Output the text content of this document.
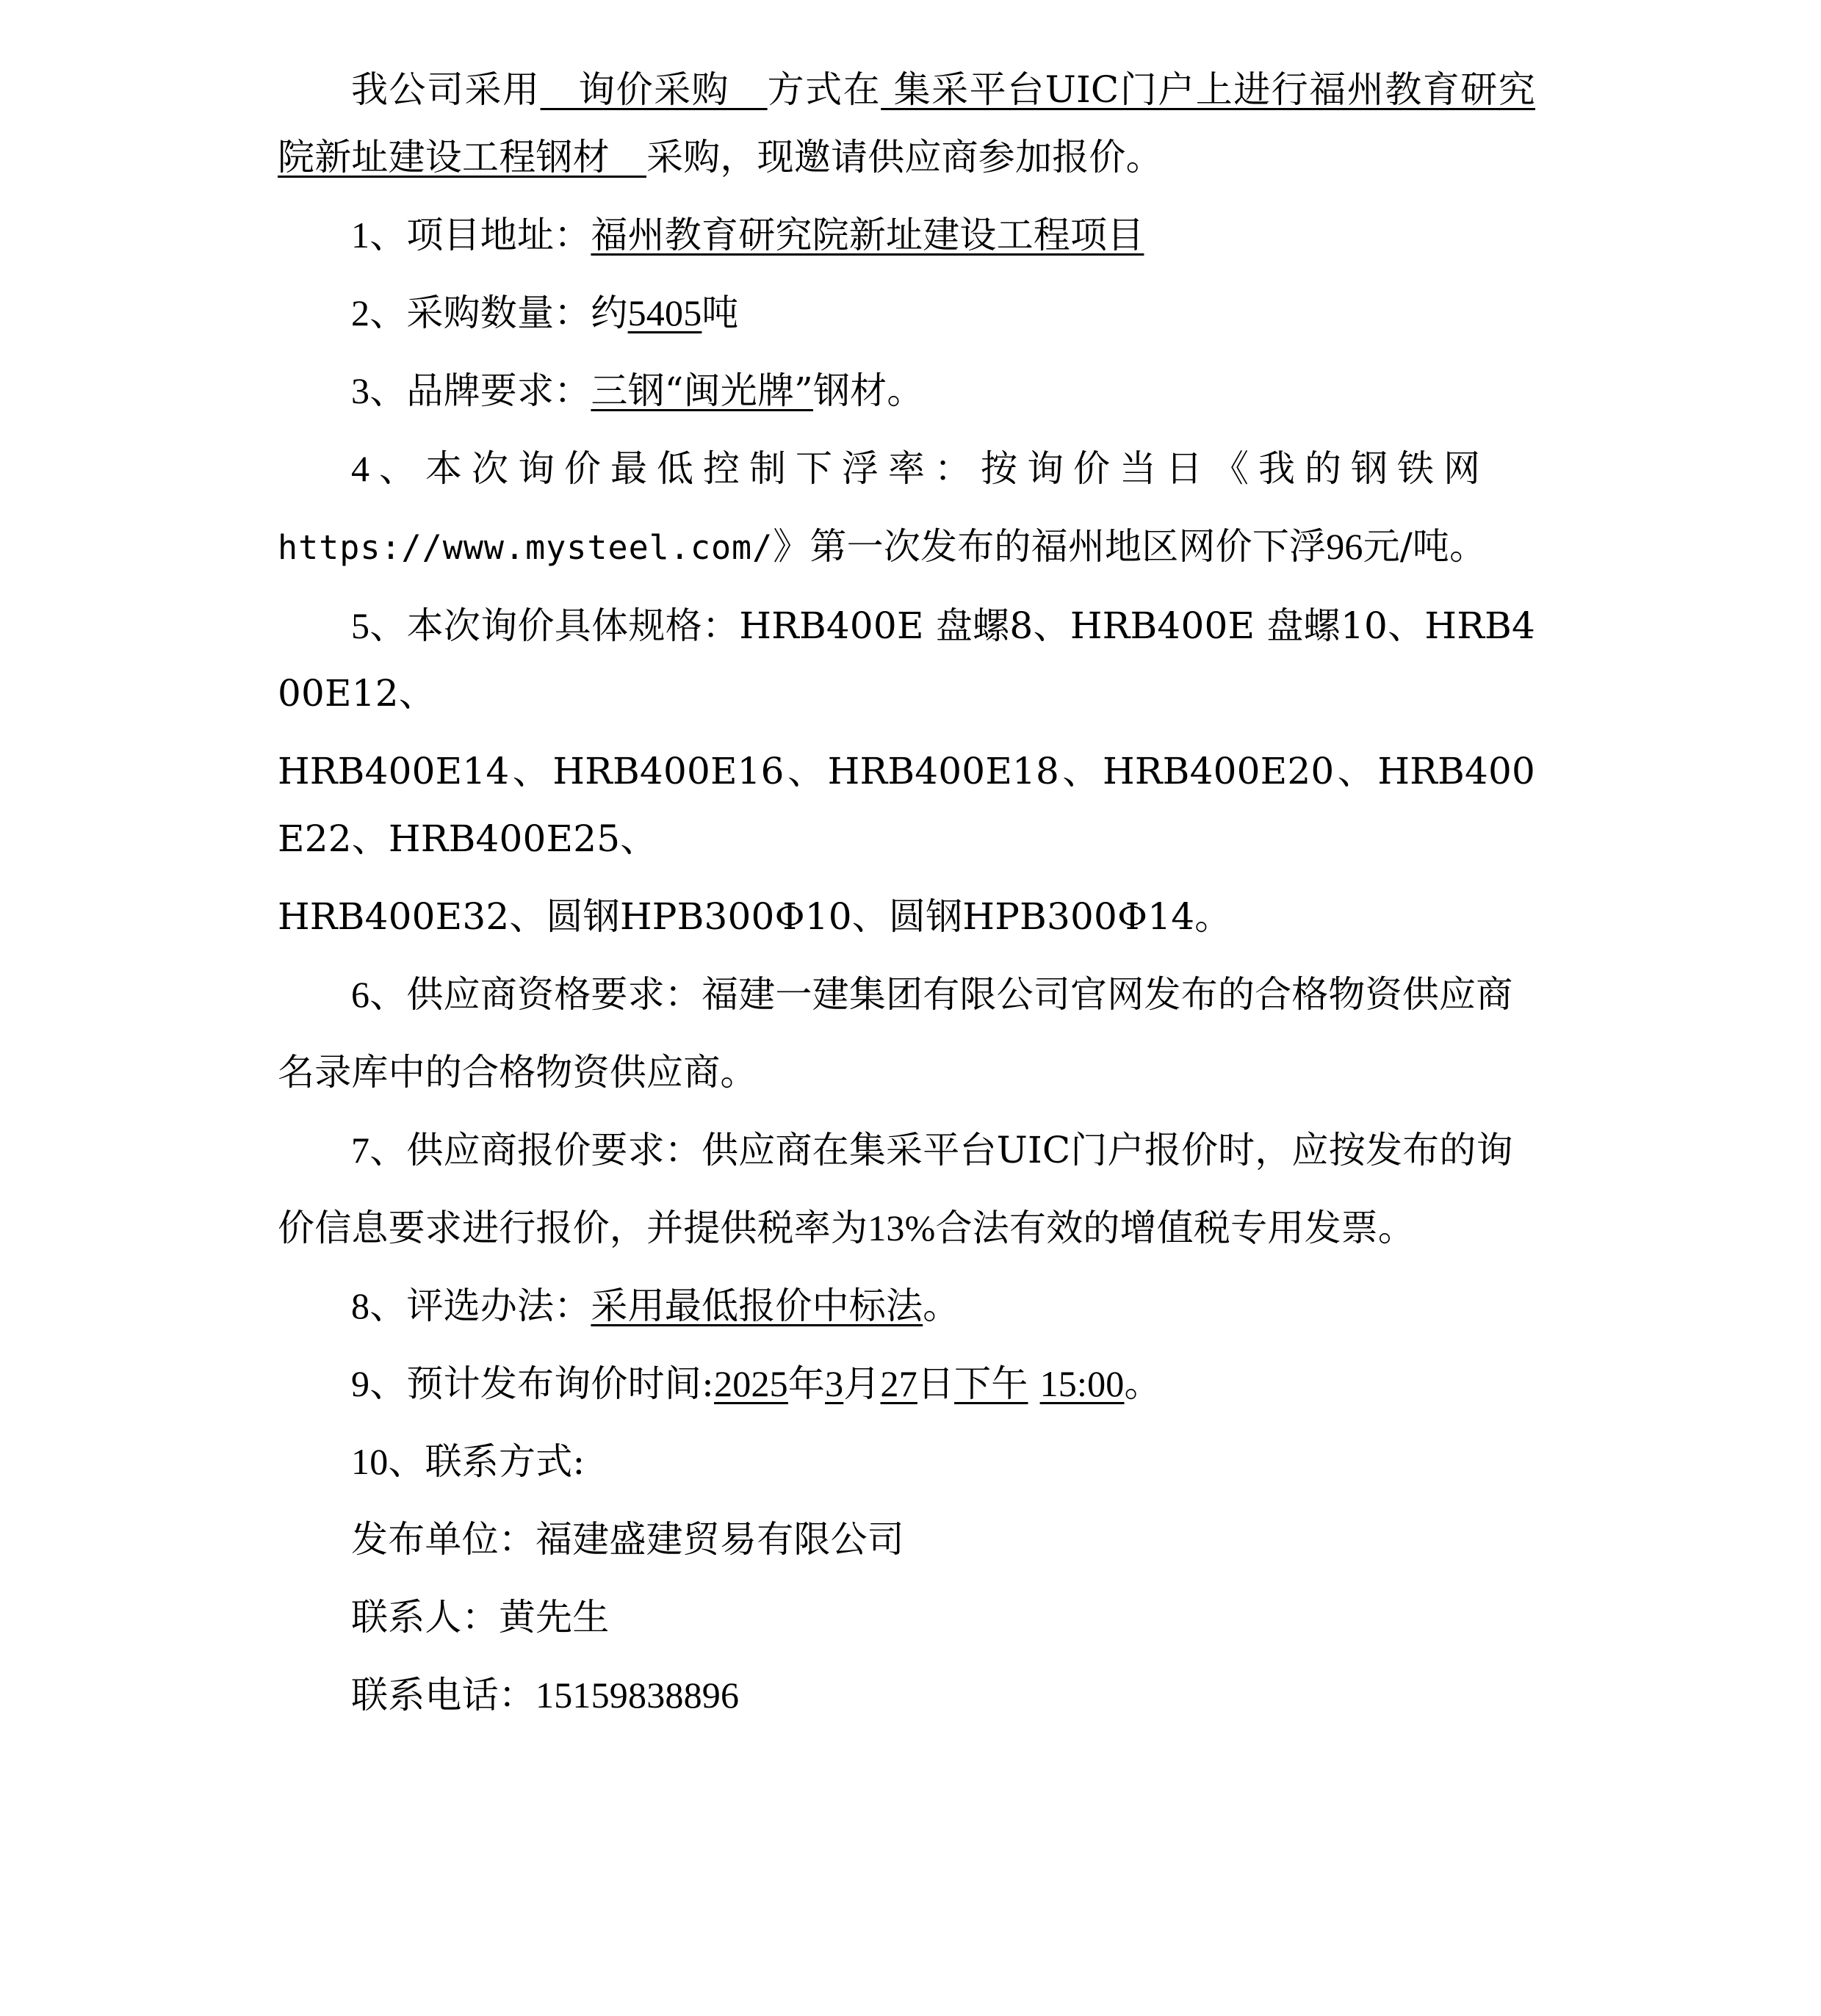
我公司采用　询价采购　方式在 集采平台UIC门户上进行福州教育研究院新址建设工程钢材　采购，现邀请供应商参加报价。

1、项目地址：福州教育研究院新址建设工程项目

2、采购数量：约5405吨

3、品牌要求：三钢“闽光牌”钢材。

4、本次询价最低控制下浮率：按询价当日《我的钢铁网

https://www.mysteel.com/》第一次发布的福州地区网价下浮96元/吨。

5、本次询价具体规格：HRB400E 盘螺8、HRB400E 盘螺10、HRB400E12、

HRB400E14、HRB400E16、HRB400E18、HRB400E20、HRB400E22、HRB400E25、

HRB400E32、圆钢HPB300Φ10、圆钢HPB300Φ14。

6、供应商资格要求：福建一建集团有限公司官网发布的合格物资供应商

名录库中的合格物资供应商。

7、供应商报价要求：供应商在集采平台UIC门户报价时，应按发布的询

价信息要求进行报价，并提供税率为13%合法有效的增值税专用发票。

8、评选办法：采用最低报价中标法。

9、预计发布询价时间:2025年3月27日下午 15:00。

10、联系方式:

发布单位：福建盛建贸易有限公司

联系人：黄先生

联系电话：15159838896
